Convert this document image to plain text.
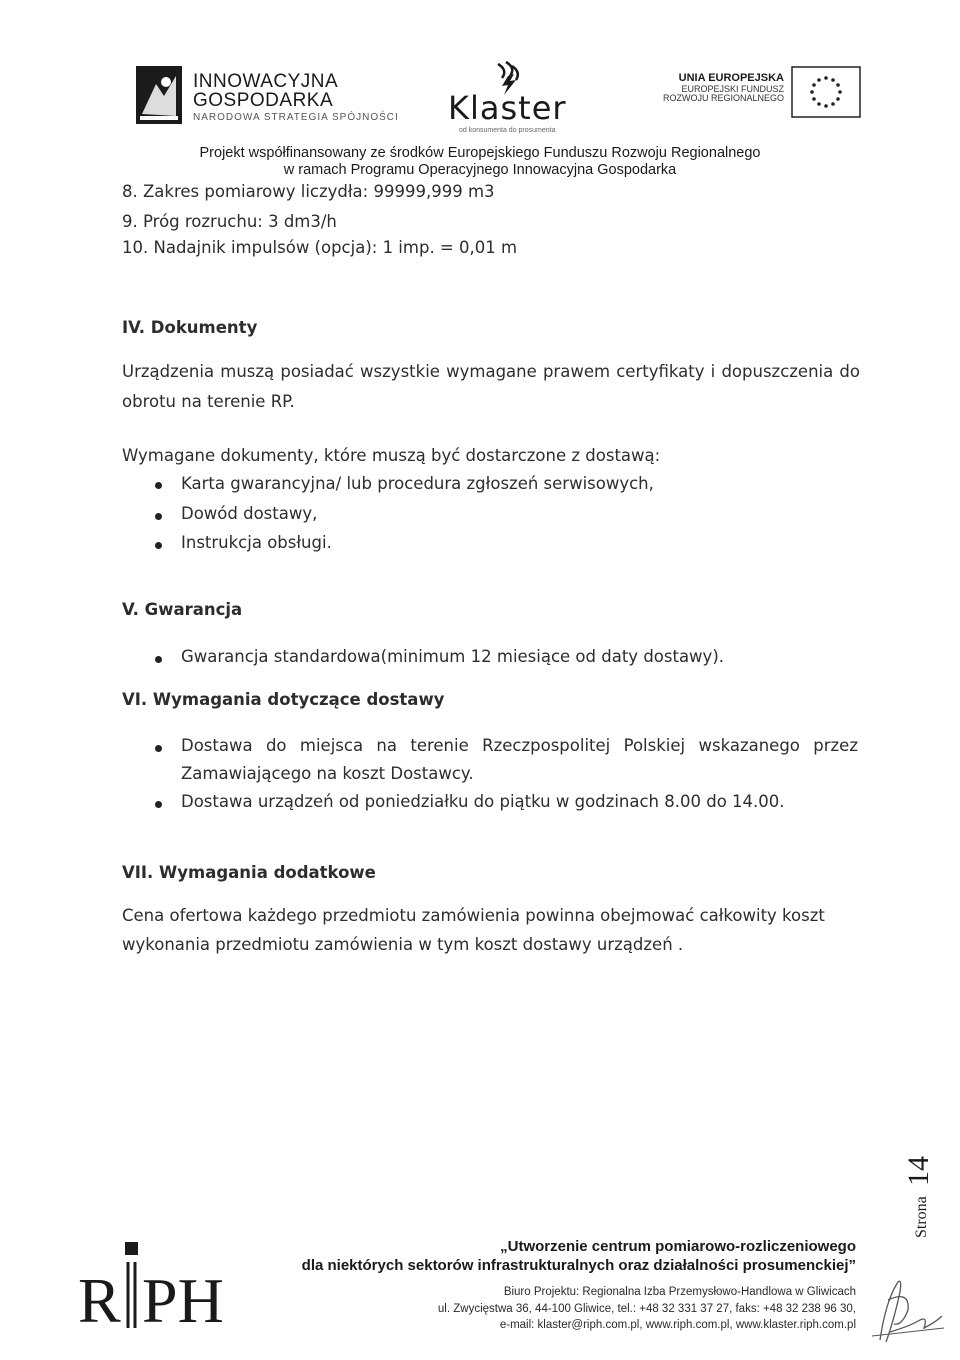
INNOWACYJNA
GOSPODARKA
NARODOWA STRATEGIA SPÓJNOŚCI Klaster
od konsumenta do prosumenta
UNIA EUROPEJSKA
EUROPEJSKI FUNDUSZ
ROZWOJU REGIONALNEGO
Projekt współfinansowany ze środków Europejskiego Funduszu Rozwoju Regionalnego
w ramach Programu Operacyjnego Innowacyjna Gospodarka
8. Zakres pomiarowy liczydła: 99999,999 m3
9. Próg rozruchu: 3 dm3/h
10. Nadajnik impulsów (opcja): 1 imp. = 0,01 m
IV. Dokumenty
Urządzenia muszą posiadać wszystkie wymagane prawem certyfikaty i dopuszczenia do
obrotu na terenie RP.
Wymagane dokumenty, które muszą być dostarczone z dostawą:
Karta gwarancyjna/ lub procedura zgłoszeń serwisowych,
Dowód dostawy,
Instrukcja obsługi.
V. Gwarancja
Gwarancja standardowa(minimum 12 miesiące od daty dostawy).
VI. Wymagania dotyczące dostawy
Dostawa do miejsca na terenie Rzeczpospolitej Polskiej wskazanego przez
Zamawiającego na koszt Dostawcy.
Dostawa urządzeń od poniedziałku do piątku w godzinach 8.00 do 14.00.
VII. Wymagania dodatkowe
Cena ofertowa każdego przedmiotu zamówienia powinna obejmować całkowity koszt
wykonania przedmiotu zamówienia w tym koszt dostawy urządzeń .
R PH
„Utworzenie centrum pomiarowo-rozliczeniowego
dla niektórych sektorów infrastrukturalnych oraz działalności prosumenckiej”
Biuro Projektu: Regionalna Izba Przemysłowo-Handlowa w Gliwicach
ul. Zwycięstwa 36, 44-100 Gliwice, tel.: +48 32 331 37 27, faks: +48 32 238 96 30,
e-mail: klaster@riph.com.pl, www.riph.com.pl, www.klaster.riph.com.pl
Strona
14
